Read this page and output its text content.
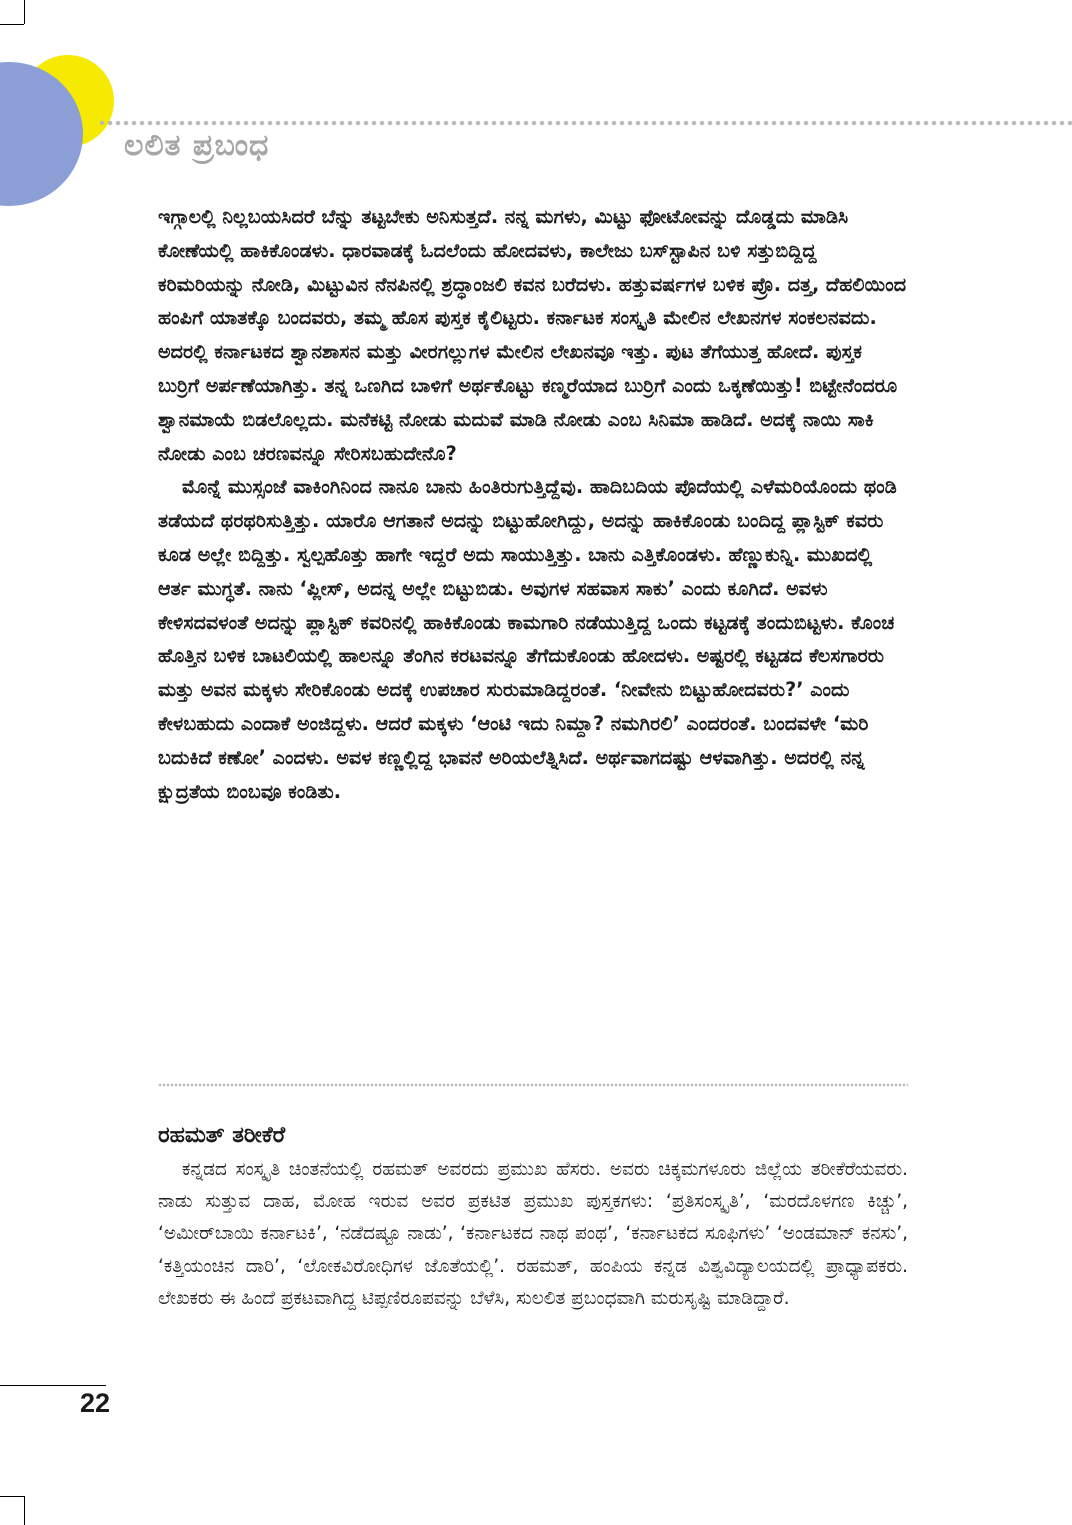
ಲಲಿತ ಪ್ರಬಂಧ

ಇಗ್ಗಾಲಲ್ಲಿ ನಿಲ್ಲಬಯಸಿದರೆ ಬೆನ್ನು ತಟ್ಟಬೇಕು ಅನಿಸುತ್ತದೆ. ನನ್ನ ಮಗಳು, ಮಿಟ್ಟು ಫೋಟೋವನ್ನು ದೊಡ್ಡದು ಮಾಡಿಸಿ ಕೋಣೆಯಲ್ಲಿ ಹಾಕಿಕೊಂಡಳು. ಧಾರವಾಡಕ್ಕೆ ಓದಲೆಂದು ಹೋದವಳು, ಕಾಲೇಜು ಬಸ್‌ಸ್ಟಾಪಿನ ಬಳಿ ಸತ್ತುಬಿದ್ದಿದ್ದ ಕರಿಮರಿಯನ್ನು ನೋಡಿ, ಮಿಟ್ಟುವಿನ ನೆನಪಿನಲ್ಲಿ ಶ್ರದ್ಧಾಂಜಲಿ ಕವನ ಬರೆದಳು. ಹತ್ತುವರ್ಷಗಳ ಬಳಿಕ ಪ್ರೊ. ದತ್ತ, ದೆಹಲಿಯಿಂದ ಹಂಪಿಗೆ ಯಾತಕ್ಕೊ ಬಂದವರು, ತಮ್ಮ ಹೊಸ ಪುಸ್ತಕ ಕೈಲಿಟ್ಟರು. ಕರ್ನಾಟಕ ಸಂಸ್ಕೃತಿ ಮೇಲಿನ ಲೇಖನಗಳ ಸಂಕಲನವದು. ಅದರಲ್ಲಿ ಕರ್ನಾಟಕದ ಶ್ವಾನಶಾಸನ ಮತ್ತು ವೀರಗಲ್ಲುಗಳ ಮೇಲಿನ ಲೇಖನವೂ ಇತ್ತು. ಪುಟ ತೆಗೆಯುತ್ತ ಹೋದೆ. ಪುಸ್ತಕ ಬುರ್‍ರಿಗೆ ಅರ್ಪಣೆಯಾಗಿತ್ತು. ತನ್ನ ಒಣಗಿದ ಬಾಳಿಗೆ ಅರ್ಥಕೊಟ್ಟು ಕಣ್ಮರೆಯಾದ ಬುರ್‍ರಿಗೆ ಎಂದು ಒಕ್ಕಣೆಯಿತ್ತು! ಬಿಟ್ಟೇನೆಂದರೂ ಶ್ವಾನಮಾಯೆ ಬಿಡಲೊಲ್ಲದು. ಮನೆಕಟ್ಟಿ ನೋಡು ಮದುವೆ ಮಾಡಿ ನೋಡು ಎಂಬ ಸಿನಿಮಾ ಹಾಡಿದೆ. ಅದಕ್ಕೆ ನಾಯಿ ಸಾಕಿ ನೋಡು ಎಂಬ ಚರಣವನ್ನೂ ಸೇರಿಸಬಹುದೇನೊ?

ಮೊನ್ನೆ ಮುಸ್ಸಂಜೆ ವಾಕಿಂಗಿನಿಂದ ನಾನೂ ಬಾನು ಹಿಂತಿರುಗುತ್ತಿದ್ದೆವು. ಹಾದಿಬದಿಯ ಪೊದೆಯಲ್ಲಿ ಎಳೆಮರಿಯೊಂದು ಥಂಡಿ ತಡೆಯದೆ ಥರಥರಿಸುತ್ತಿತ್ತು. ಯಾರೊ ಆಗತಾನೆ ಅದನ್ನು ಬಿಟ್ಟುಹೋಗಿದ್ದು, ಅದನ್ನು ಹಾಕಿಕೊಂಡು ಬಂದಿದ್ದ ಪ್ಲಾಸ್ಟಿಕ್ ಕವರು ಕೂಡ ಅಲ್ಲೇ ಬಿದ್ದಿತ್ತು. ಸ್ವಲ್ಪಹೊತ್ತು ಹಾಗೇ ಇದ್ದರೆ ಅದು ಸಾಯುತ್ತಿತ್ತು. ಬಾನು ಎತ್ತಿಕೊಂಡಳು. ಹೆಣ್ಣುಕುನ್ನಿ. ಮುಖದಲ್ಲಿ ಆರ್ತ ಮುಗ್ಧತೆ. ನಾನು ‘ಪ್ಲೀಸ್, ಅದನ್ನ ಅಲ್ಲೇ ಬಿಟ್ಟುಬಿಡು. ಅವುಗಳ ಸಹವಾಸ ಸಾಕು’ ಎಂದು ಕೂಗಿದೆ. ಅವಳು ಕೇಳಿಸದವಳಂತೆ ಅದನ್ನು ಪ್ಲಾಸ್ಟಿಕ್ ಕವರಿನಲ್ಲಿ ಹಾಕಿಕೊಂಡು ಕಾಮಗಾರಿ ನಡೆಯುತ್ತಿದ್ದ ಒಂದು ಕಟ್ಟಡಕ್ಕೆ ತಂದುಬಿಟ್ಟಳು. ಕೊಂಚ ಹೊತ್ತಿನ ಬಳಿಕ ಬಾಟಲಿಯಲ್ಲಿ ಹಾಲನ್ನೂ ತೆಂಗಿನ ಕರಟವನ್ನೂ ತೆಗೆದುಕೊಂಡು ಹೋದಳು. ಅಷ್ಟರಲ್ಲಿ ಕಟ್ಟಡದ ಕೆಲಸಗಾರರು ಮತ್ತು ಅವನ ಮಕ್ಕಳು ಸೇರಿಕೊಂಡು ಅದಕ್ಕೆ ಉಪಚಾರ ಸುರುಮಾಡಿದ್ದರಂತೆ. ‘ನೀವೇನು ಬಿಟ್ಟುಹೋದವರು?’ ಎಂದು ಕೇಳಬಹುದು ಎಂದಾಕೆ ಅಂಜಿದ್ದಳು. ಆದರೆ ಮಕ್ಕಳು ‘ಆಂಟಿ ಇದು ನಿಮ್ದಾ? ನಮಗಿರಲಿ’ ಎಂದರಂತೆ. ಬಂದವಳೇ ‘ಮರಿ ಬದುಕಿದೆ ಕಣೋ’ ಎಂದಳು. ಅವಳ ಕಣ್ಣಲ್ಲಿದ್ದ ಭಾವನೆ ಅರಿಯಲೆತ್ನಿಸಿದೆ. ಅರ್ಥವಾಗದಷ್ಟು ಆಳವಾಗಿತ್ತು. ಅದರಲ್ಲಿ ನನ್ನ ಕ್ಷುದ್ರತೆಯ ಬಿಂಬವೂ ಕಂಡಿತು.

ರಹಮತ್ ತರೀಕೆರೆ

ಕನ್ನಡದ ಸಂಸ್ಕೃತಿ ಚಿಂತನೆಯಲ್ಲಿ ರಹಮತ್ ಅವರದು ಪ್ರಮುಖ ಹೆಸರು. ಅವರು ಚಿಕ್ಕಮಗಳೂರು ಜಿಲ್ಲೆಯ ತರೀಕೆರೆಯವರು. ನಾಡು ಸುತ್ತುವ ದಾಹ, ಮೋಹ ಇರುವ ಅವರ ಪ್ರಕಟಿತ ಪ್ರಮುಖ ಪುಸ್ತಕಗಳು: ‘ಪ್ರತಿಸಂಸ್ಕೃತಿ’, ‘ಮರದೊಳಗಣ ಕಿಚ್ಚು’, ‘ಅಮೀರ್‌ಬಾಯಿ ಕರ್ನಾಟಕಿ’, ‘ನಡೆದಷ್ಟೂ ನಾಡು’, ‘ಕರ್ನಾಟಕದ ನಾಥ ಪಂಥ’, ‘ಕರ್ನಾಟಕದ ಸೂಫಿಗಳು’ ‘ಅಂಡಮಾನ್ ಕನಸು’, ‘ಕತ್ತಿಯಂಚಿನ ದಾರಿ’, ‘ಲೋಕವಿರೋಧಿಗಳ ಜೊತೆಯಲ್ಲಿ’. ರಹಮತ್, ಹಂಪಿಯ ಕನ್ನಡ ವಿಶ್ವವಿದ್ಯಾಲಯದಲ್ಲಿ ಪ್ರಾಧ್ಯಾಪಕರು. ಲೇಖಕರು ಈ ಹಿಂದೆ ಪ್ರಕಟವಾಗಿದ್ದ ಟಿಪ್ಪಣಿರೂಪವನ್ನು ಬೆಳೆಸಿ, ಸುಲಲಿತ ಪ್ರಬಂಧವಾಗಿ ಮರುಸೃಷ್ಟಿ ಮಾಡಿದ್ದಾರೆ.

22
